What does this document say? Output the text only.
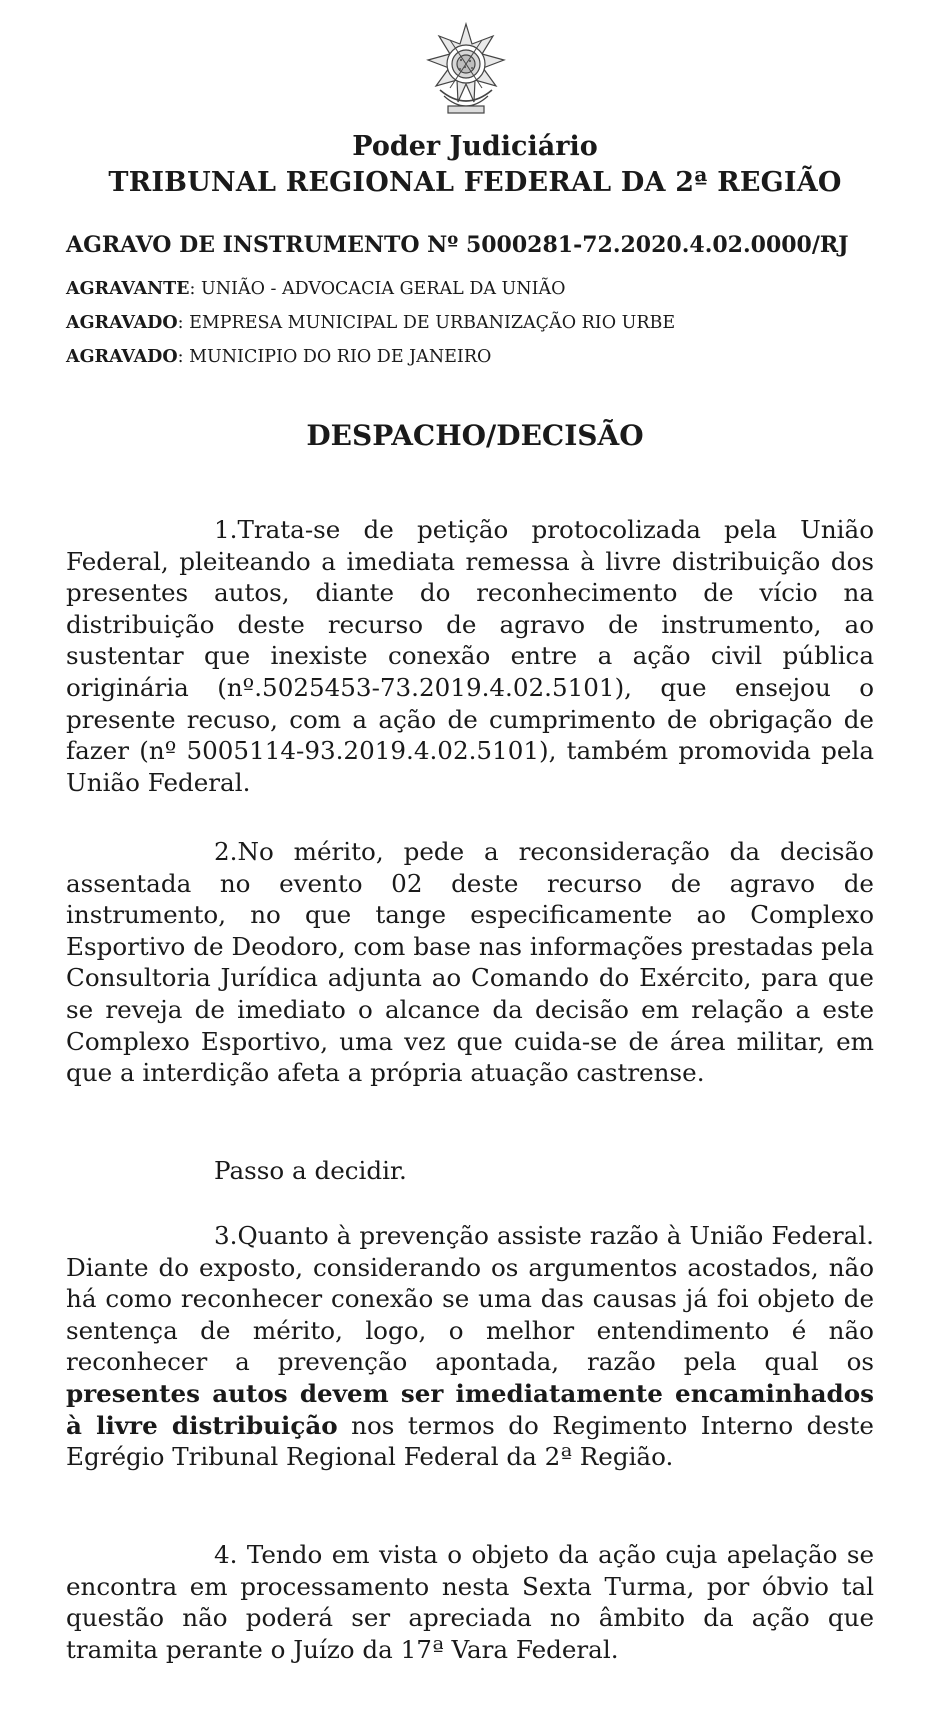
Poder Judiciário
TRIBUNAL REGIONAL FEDERAL DA 2ª REGIÃO
AGRAVO DE INSTRUMENTO Nº 5000281-72.2020.4.02.0000/RJ
AGRAVANTE: UNIÃO - ADVOCACIA GERAL DA UNIÃO
AGRAVADO: EMPRESA MUNICIPAL DE URBANIZAÇÃO RIO URBE
AGRAVADO: MUNICIPIO DO RIO DE JANEIRO
DESPACHO/DECISÃO

1.Trata-se de petição protocolizada pela União Federal, pleiteando a imediata remessa à livre distribuição dos presentes autos, diante do reconhecimento de vício na distribuição deste recurso de agravo de instrumento, ao sustentar que inexiste conexão entre a ação civil pública originária (nº.5025453-73.2019.4.02.5101), que ensejou o presente recuso, com a ação de cumprimento de obrigação de fazer (nº 5005114-93.2019.4.02.5101), também promovida pela União Federal.

2.No mérito, pede a reconsideração da decisão assentada no evento 02 deste recurso de agravo de instrumento, no que tange especificamente ao Complexo Esportivo de Deodoro, com base nas informações prestadas pela Consultoria Jurídica adjunta ao Comando do Exército, para que se reveja de imediato o alcance da decisão em relação a este Complexo Esportivo, uma vez que cuida-se de área militar, em que a interdição afeta a própria atuação castrense.

Passo a decidir.

3.Quanto à prevenção assiste razão à União Federal. Diante do exposto, considerando os argumentos acostados, não há como reconhecer conexão se uma das causas já foi objeto de sentença de mérito, logo, o melhor entendimento é não reconhecer a prevenção apontada, razão pela qual os presentes autos devem ser imediatamente encaminhados à livre distribuição nos termos do Regimento Interno deste Egrégio Tribunal Regional Federal da 2ª Região.

4. Tendo em vista o objeto da ação cuja apelação se encontra em processamento nesta Sexta Turma, por óbvio tal questão não poderá ser apreciada no âmbito da ação que tramita perante o Juízo da 17ª Vara Federal.
